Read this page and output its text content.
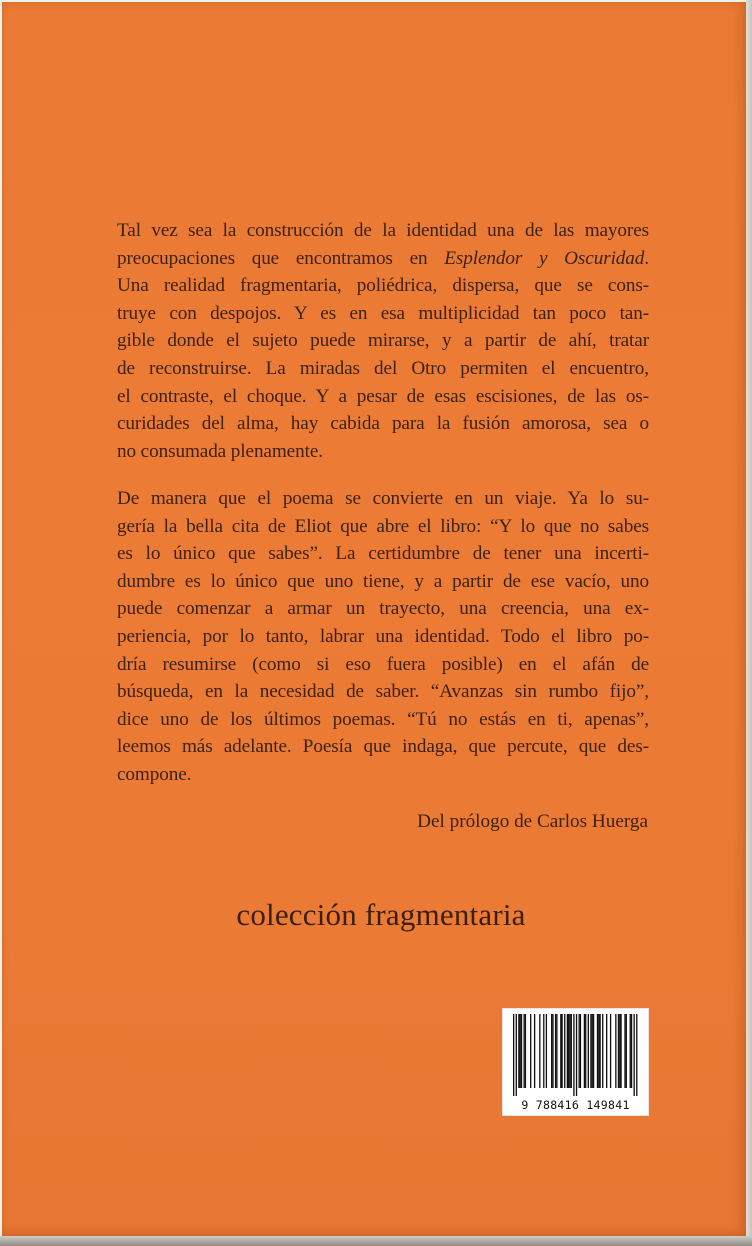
Tal vez sea la construcción de la identidad una de las mayores
preocupaciones que encontramos en Esplendor y Oscuridad.
Una realidad fragmentaria, poliédrica, dispersa, que se cons-
truye con despojos. Y es en esa multiplicidad tan poco tan-
gible donde el sujeto puede mirarse, y a partir de ahí, tratar
de reconstruirse. La miradas del Otro permiten el encuentro,
el contraste, el choque. Y a pesar de esas escisiones, de las os-
curidades del alma, hay cabida para la fusión amorosa, sea o
no consumada plenamente.

De manera que el poema se convierte en un viaje. Ya lo su-
gería la bella cita de Eliot que abre el libro: “Y lo que no sabes
es lo único que sabes”. La certidumbre de tener una incerti-
dumbre es lo único que uno tiene, y a partir de ese vacío, uno
puede comenzar a armar un trayecto, una creencia, una ex-
periencia, por lo tanto, labrar una identidad. Todo el libro po-
dría resumirse (como si eso fuera posible) en el afán de
búsqueda, en la necesidad de saber. “Avanzas sin rumbo fijo”,
dice uno de los últimos poemas. “Tú no estás en ti, apenas”,
leemos más adelante. Poesía que indaga, que percute, que des-
compone.

Del prólogo de Carlos Huerga
colección fragmentaria
9 788416 149841
